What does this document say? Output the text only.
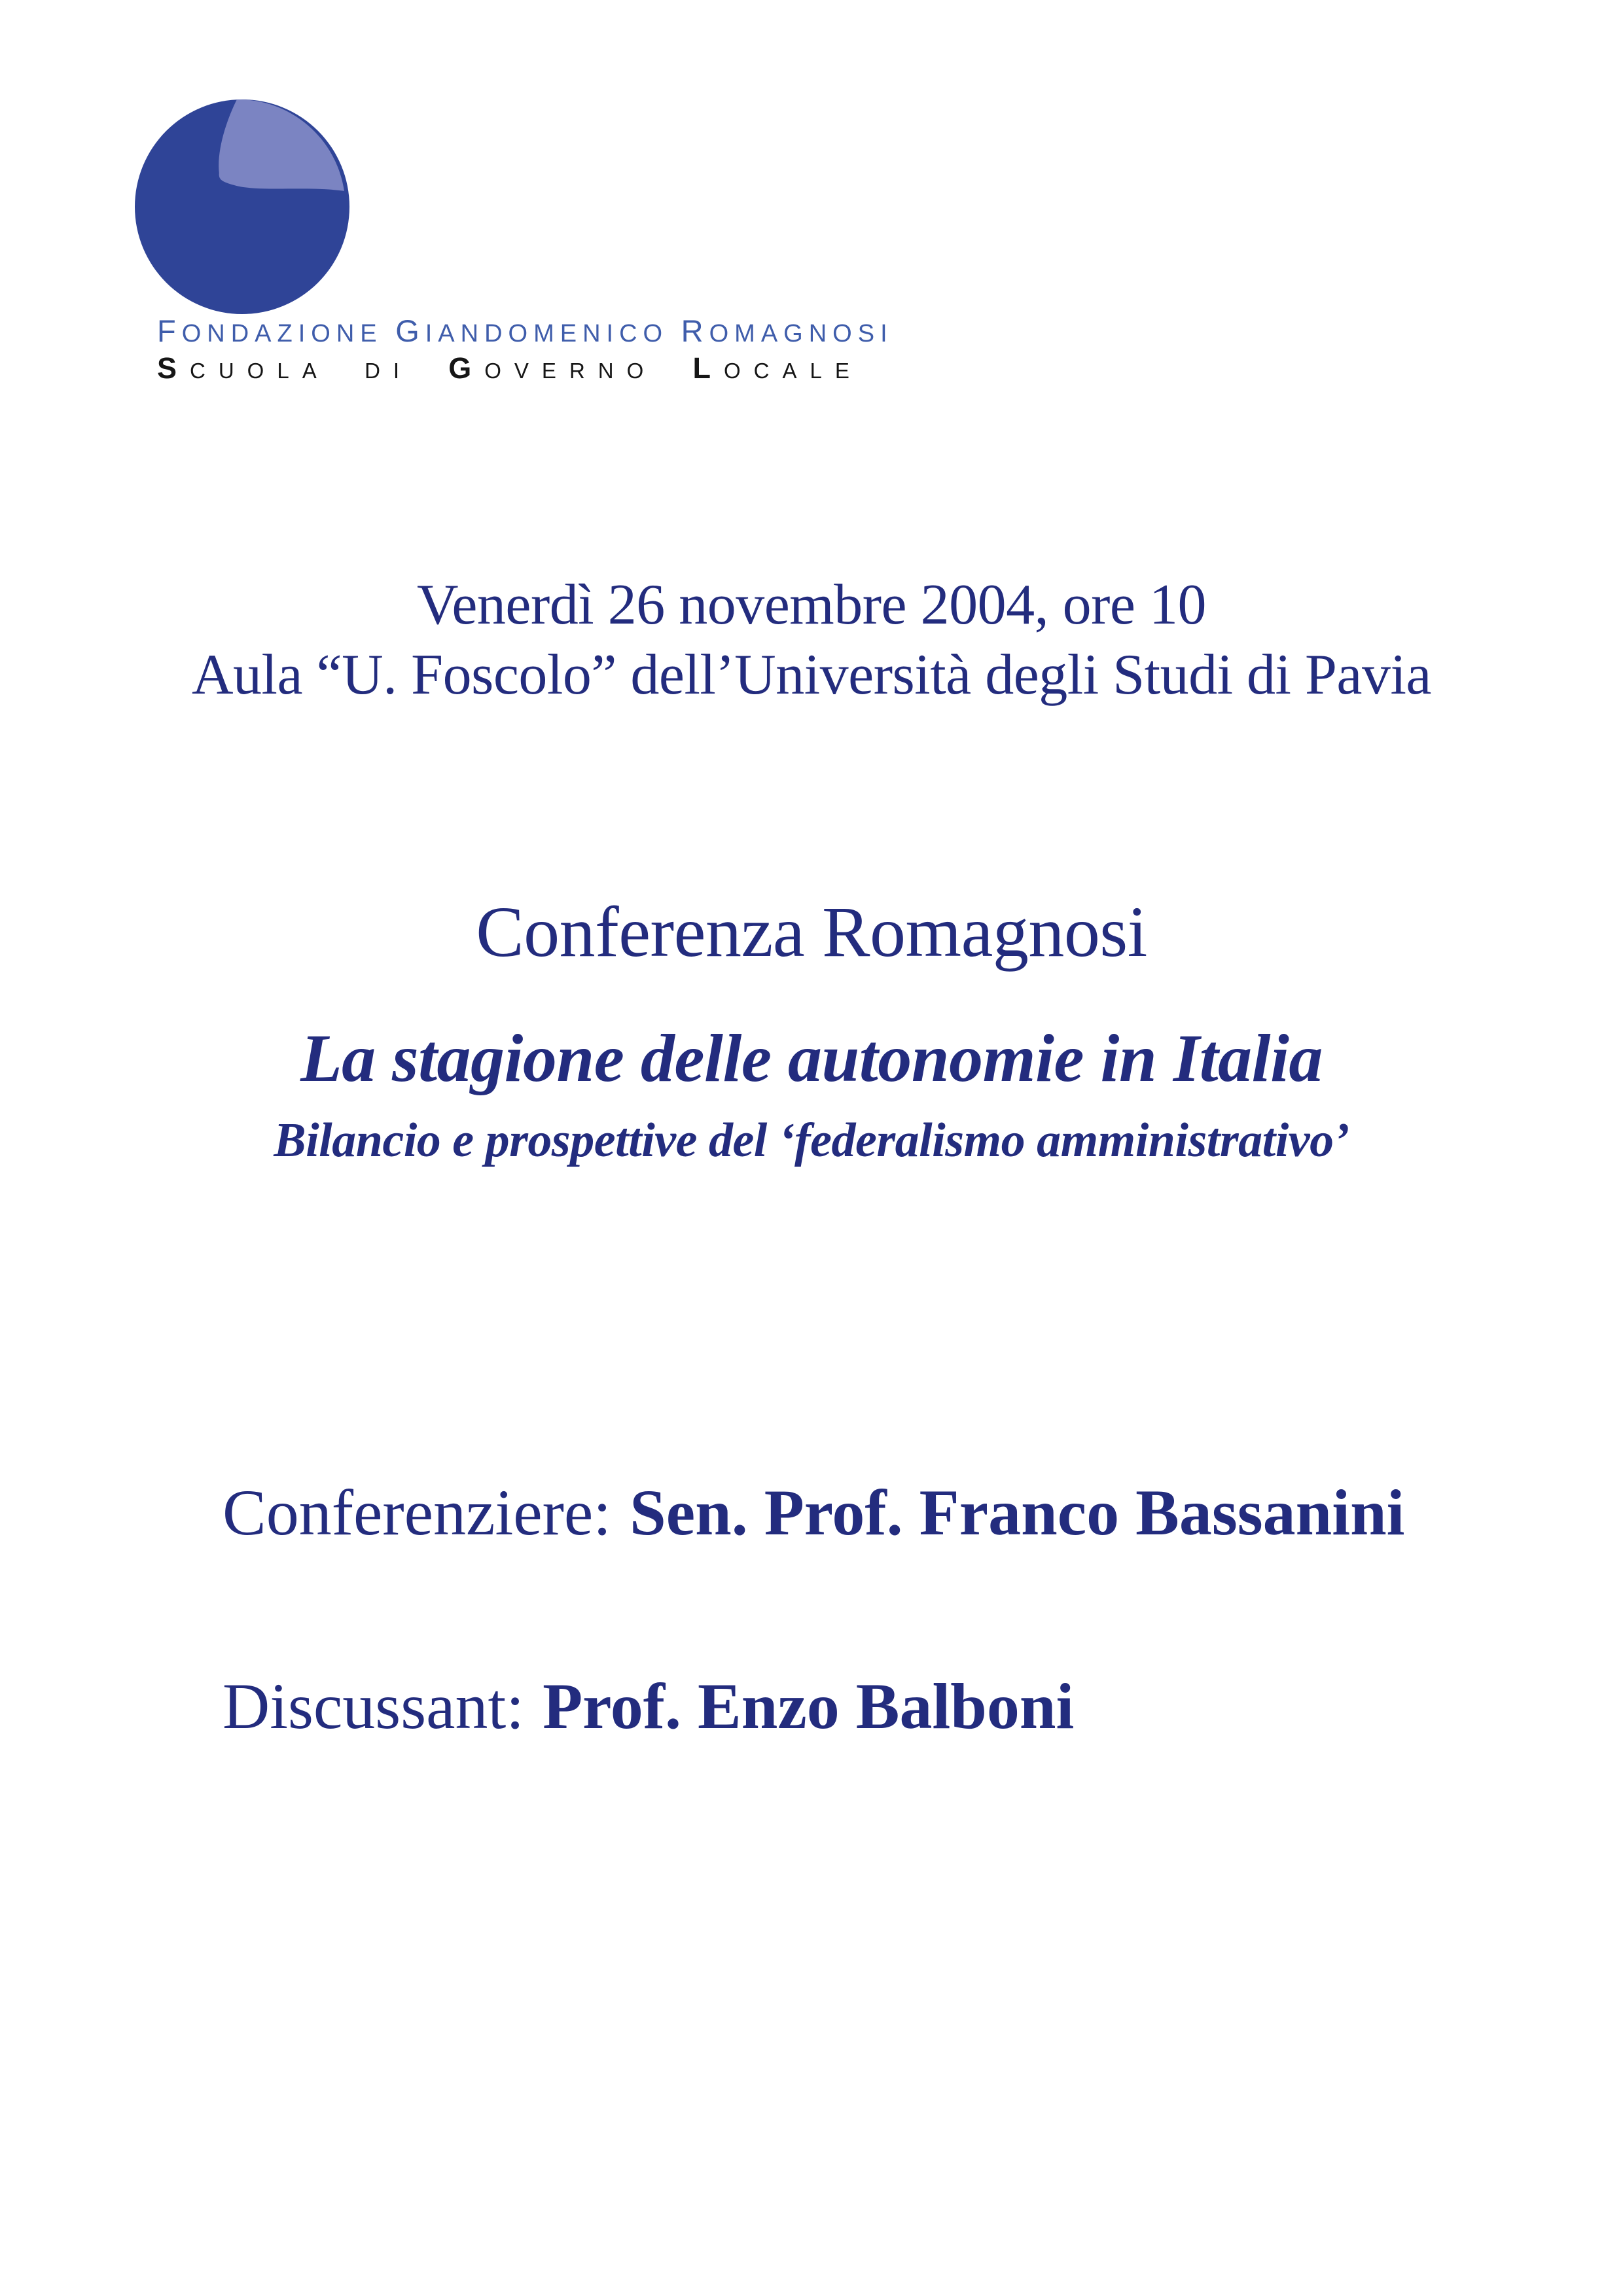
FONDAZIONE GIANDOMENICO ROMAGNOSI
SCUOLA DI GOVERNO LOCALE
Venerdì 26 novembre 2004, ore 10
Aula “U. Foscolo” dell’Università degli Studi di Pavia
Conferenza Romagnosi
La stagione delle autonomie in Italia
Bilancio e prospettive del ‘federalismo amministrativo’

Conferenziere: Sen. Prof. Franco Bassanini

Discussant: Prof. Enzo Balboni
